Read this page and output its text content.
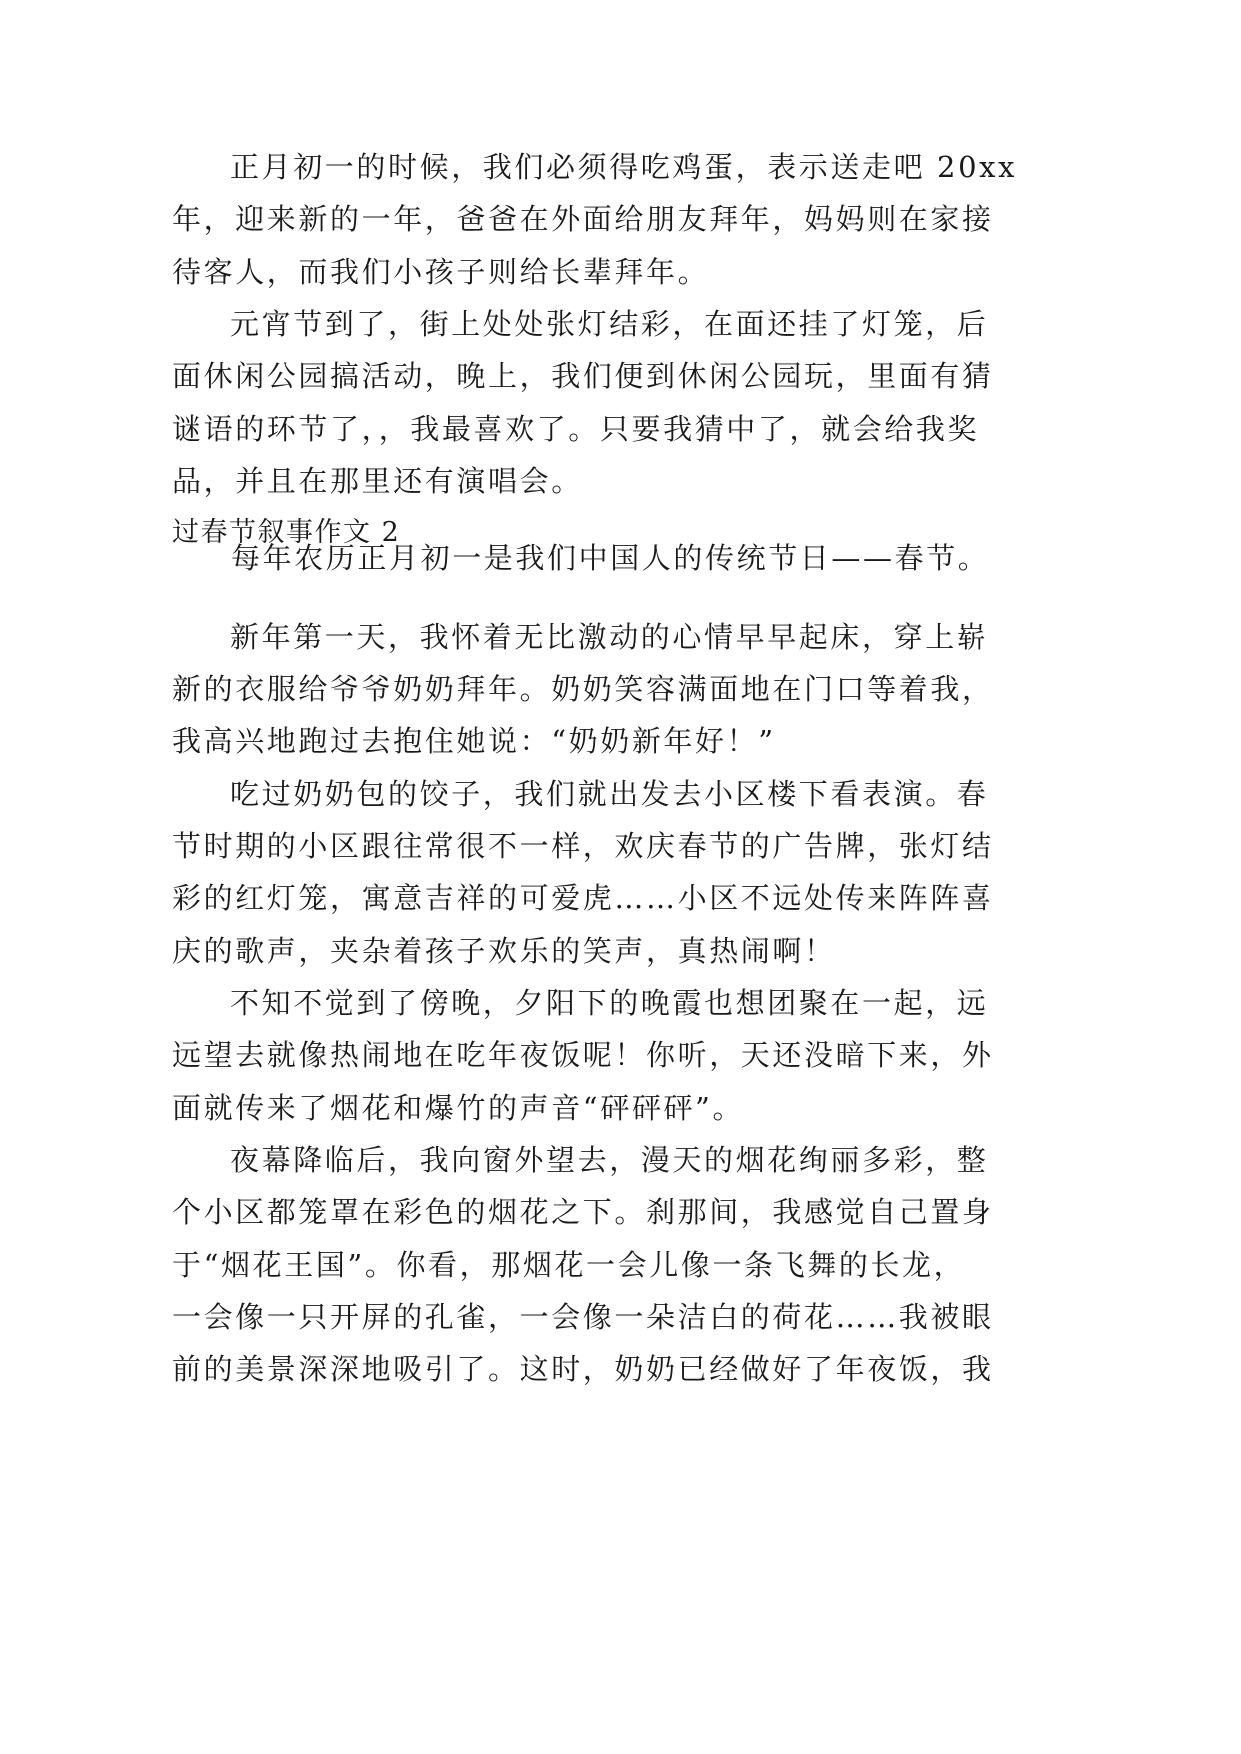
正月初一的时候，我们必须得吃鸡蛋，表示送走吧 20xx
年，迎来新的一年，爸爸在外面给朋友拜年，妈妈则在家接
待客人，而我们小孩子则给长辈拜年。
元宵节到了，街上处处张灯结彩，在面还挂了灯笼，后
面休闲公园搞活动，晚上，我们便到休闲公园玩，里面有猜
谜语的环节了，，我最喜欢了。只要我猜中了，就会给我奖
品，并且在那里还有演唱会。
过春节叙事作文 2
每年农历正月初一是我们中国人的传统节日——春节。
新年第一天，我怀着无比激动的心情早早起床，穿上崭
新的衣服给爷爷奶奶拜年。奶奶笑容满面地在门口等着我，
我高兴地跑过去抱住她说：“奶奶新年好！”
吃过奶奶包的饺子，我们就出发去小区楼下看表演。春
节时期的小区跟往常很不一样，欢庆春节的广告牌，张灯结
彩的红灯笼，寓意吉祥的可爱虎……小区不远处传来阵阵喜
庆的歌声，夹杂着孩子欢乐的笑声，真热闹啊！
不知不觉到了傍晚，夕阳下的晚霞也想团聚在一起，远
远望去就像热闹地在吃年夜饭呢！你听，天还没暗下来，外
面就传来了烟花和爆竹的声音“砰砰砰”。
夜幕降临后，我向窗外望去，漫天的烟花绚丽多彩，整
个小区都笼罩在彩色的烟花之下。刹那间，我感觉自己置身
于“烟花王国”。你看，那烟花一会儿像一条飞舞的长龙，
一会像一只开屏的孔雀，一会像一朵洁白的荷花……我被眼
前的美景深深地吸引了。这时，奶奶已经做好了年夜饭，我
